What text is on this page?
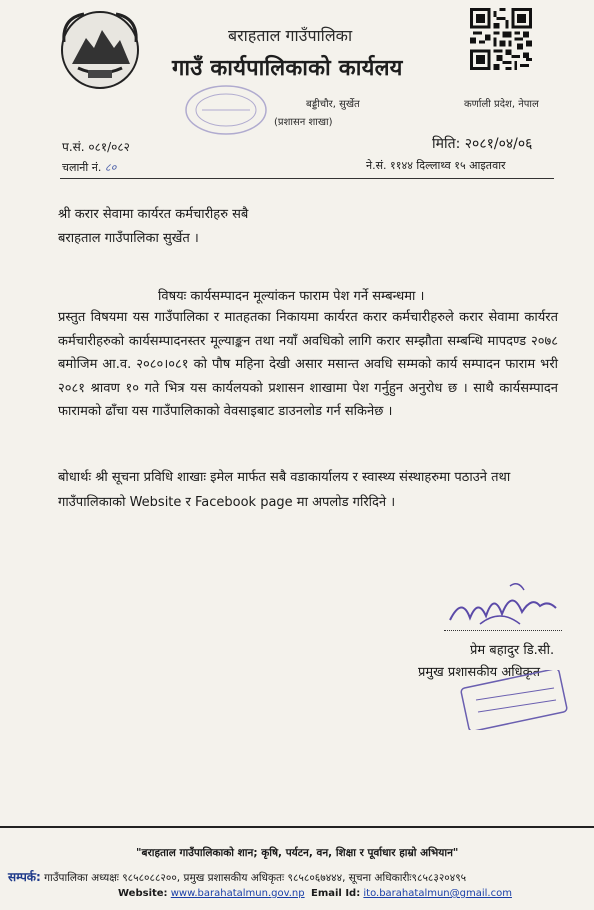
बराहताल गाउँपालिका
गाउँ कार्यपालिकाको कार्यलय
बड्डीचौर, सुर्खेत
(प्रशासन शाखा)
कर्णाली प्रदेश, नेपाल
प.सं. ०८१/०८२
चलानी नं. ८०
मिति: २०८१/०४/०६
ने.सं. ११४४ दिल्लाथ्व १५ आइतवार
श्री करार सेवामा कार्यरत कर्मचारीहरु सबै
बराहताल गाउँपालिका सुर्खेत ।
विषयः कार्यसम्पादन मूल्यांकन फाराम पेश गर्ने सम्बन्धमा ।
प्रस्तुत विषयमा यस गाउँपालिका र मातहतका निकायमा कार्यरत करार कर्मचारीहरुले करार सेवामा कार्यरत कर्मचारीहरुको कार्यसम्पादनस्तर मूल्याङ्कन तथा नयाँ अवधिको लागि करार सम्झौता सम्बन्धि मापदण्ड २०७८ बमोजिम आ.व. २०८०।०८१ को पौष महिना देखी असार मसान्त अवधि सम्मको कार्य सम्पादन फाराम भरी २०८१ श्रावण १० गते भित्र यस कार्यलयको प्रशासन शाखामा पेश गर्नुहुन अनुरोध छ । साथै कार्यसम्पादन फारामको ढाँचा यस गाउँपालिकाको वेवसाइबाट डाउनलोड गर्न सकिनेछ ।
बोधार्थः श्री सूचना प्रविधि शाखाः इमेल मार्फत सबै वडाकार्यालय र स्वास्थ्य संस्थाहरुमा पठाउने तथा गाउँपालिकाको Website र Facebook page मा अपलोड गरिदिने ।
प्रेम बहादुर डि.सी.
प्रमुख प्रशासकीय अधिकृत
"बराहताल गाउँपालिकाको शान; कृषि, पर्यटन, वन, शिक्षा र पूर्वाधार हाम्रो अभियान"
सम्पर्क: गाउँपालिका अध्यक्षः ९८५८०८८२००, प्रमुख प्रशासकीय अधिकृतः ९८५८०६७४४४, सूचना अधिकारीः९८५८३२०४९५
Website: www.barahatalmun.gov.np Email Id: ito.barahatalmun@gmail.com
